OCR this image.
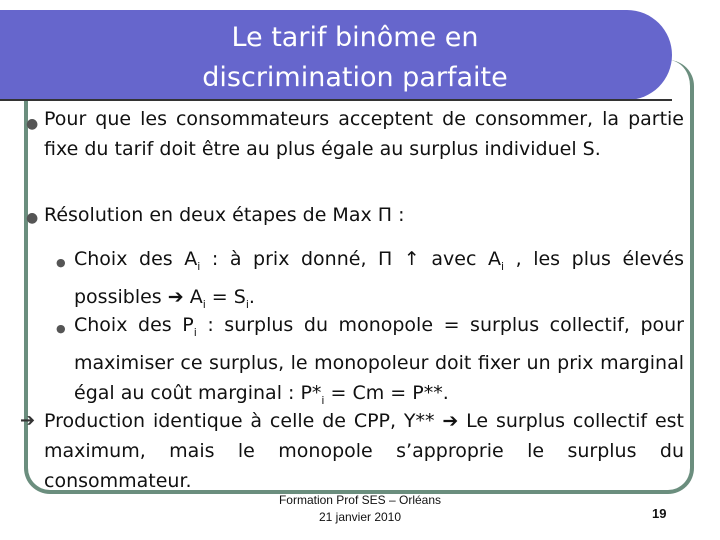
Le tarif binôme en
discrimination parfaite
● Pour que les consommateurs acceptent de consommer, la partie fixe du tarif doit être au plus égale au surplus individuel S.
● Résolution en deux étapes de Max Π :
● Choix des $A_i$ : à prix donné, Π ↑ avec $A_i$ , les plus élevés possibles ➔ $A_i = S_i$.
● Choix des $P_i$ : surplus du monopole = surplus collectif, pour maximiser ce surplus, le monopoleur doit fixer un prix marginal égal au coût marginal : $P*_i = Cm = P**$.
➔ Production identique à celle de CPP, Y** ➔ Le surplus collectif est maximum, mais le monopole s’approprie le surplus du consommateur.
Formation Prof SES – Orléans
21 janvier 2010	19
